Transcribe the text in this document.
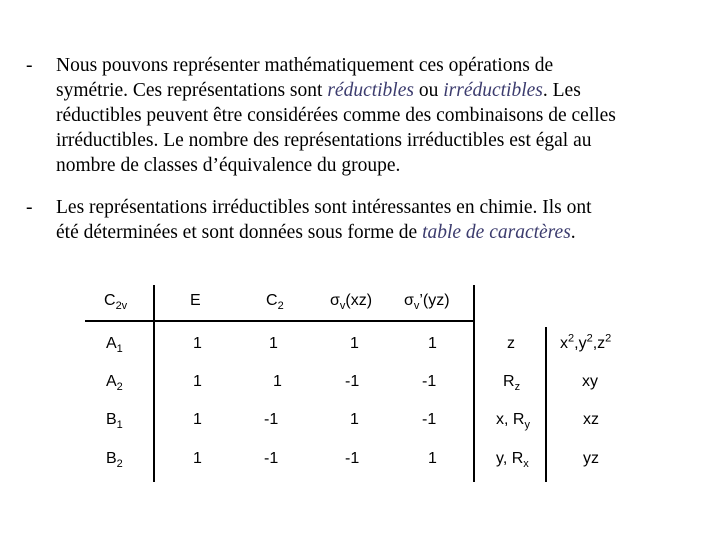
- Nous pouvons représenter mathématiquement ces opérations de
symétrie. Ces représentations sont réductibles ou irréductibles. Les
réductibles peuvent être considérées comme des combinaisons de celles
irréductibles. Le nombre des représentations irréductibles est égal au
nombre de classes d’équivalence du groupe.
- Les représentations irréductibles sont intéressantes en chimie. Ils ont
été déterminées et sont données sous forme de table de caractères.
$C_{2v}$	E	$C_2$	$\sigma_v(xz)$ $\sigma_v’(yz)$
$A_1$	1	1	1	1	z	$x^2,y^2,z^2$
$A_2$	1	1	-1	-1	$R_z$	xy
$B_1$	1	-1	1	-1	x, $R_y$	xz
$B_2$	1	-1	-1	1	y, $R_x$	yz
